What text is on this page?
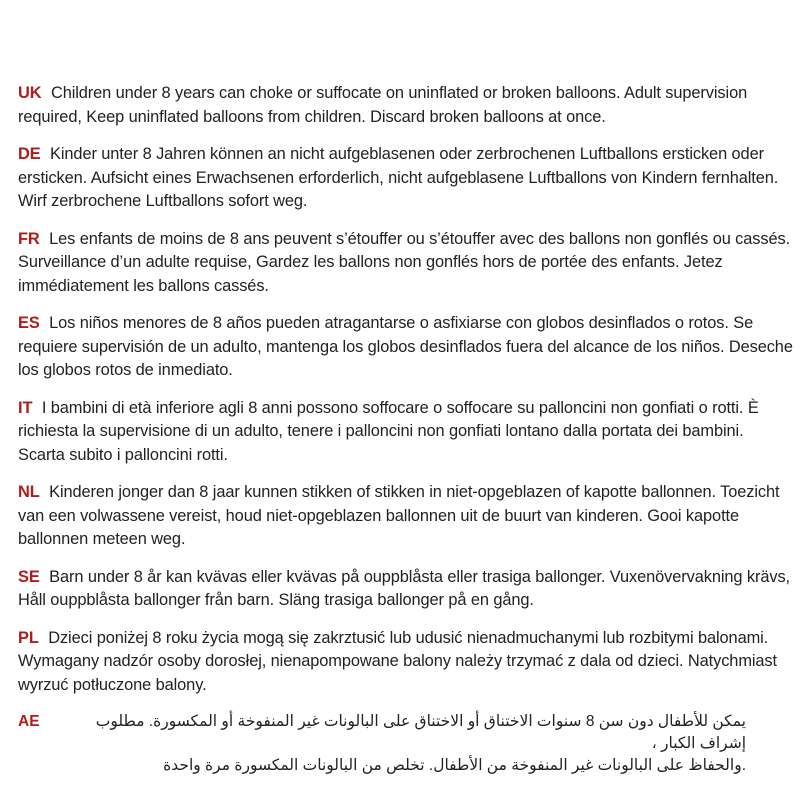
UK Children under 8 years can choke or suffocate on uninflated or broken balloons. Adult supervision required, Keep uninflated balloons from children. Discard broken balloons at once.

DE Kinder unter 8 Jahren können an nicht aufgeblasenen oder zerbrochenen Luftballons ersticken oder ersticken. Aufsicht eines Erwachsenen erforderlich, nicht aufgeblasene Luftballons von Kindern fernhalten. Wirf zerbrochene Luftballons sofort weg.

FR Les enfants de moins de 8 ans peuvent s’étouffer ou s’étouffer avec des ballons non gonflés ou cassés. Surveillance d’un adulte requise, Gardez les ballons non gonflés hors de portée des enfants. Jetez immédiatement les ballons cassés.

ES Los niños menores de 8 años pueden atragantarse o asfixiarse con globos desinflados o rotos. Se requiere supervisión de un adulto, mantenga los globos desinflados fuera del alcance de los niños. Deseche los globos rotos de inmediato.

IT I bambini di età inferiore agli 8 anni possono soffocare o soffocare su palloncini non gonfiati o rotti. È richiesta la supervisione di un adulto, tenere i palloncini non gonfiati lontano dalla portata dei bambini. Scarta subito i palloncini rotti.

NL Kinderen jonger dan 8 jaar kunnen stikken of stikken in niet-opgeblazen of kapotte ballonnen. Toezicht van een volwassene vereist, houd niet-opgeblazen ballonnen uit de buurt van kinderen. Gooi kapotte ballonnen meteen weg.

SE Barn under 8 år kan kvävas eller kvävas på ouppblåsta eller trasiga ballonger. Vuxenövervakning krävs, Håll ouppblåsta ballonger från barn. Släng trasiga ballonger på en gång.

PL Dzieci poniżej 8 roku życia mogą się zakrztusić lub udusić nienadmuchanymi lub rozbitymi balonami. Wymagany nadzór osoby dorosłej, nienapompowane balony należy trzymać z dala od dzieci. Natychmiast wyrzuć potłuczone balony.

AE	يمكن للأطفال دون سن 8 سنوات الاختناق أو الاختناق على البالونات غير المنفوخة أو المكسورة. مطلوب إشراف الكبار ،
.والحفاظ على البالونات غير المنفوخة من الأطفال. تخلص من البالونات المكسورة مرة واحدة
